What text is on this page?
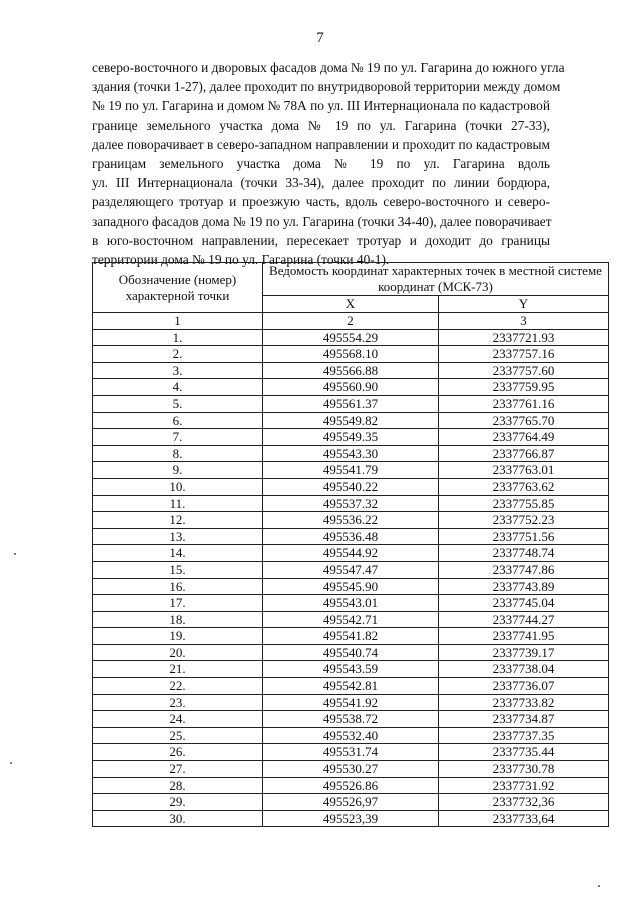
7
северо-восточного и дворовых фасадов дома № 19 по ул. Гагарина до южного угла
здания (точки 1-27), далее проходит по внутридворовой территории между домом
№ 19 по ул. Гагарина и домом № 78А по ул. III Интернационала по кадастровой
границе земельного участка дома № 19 по ул. Гагарина (точки 27-33),
далее поворачивает в северо-западном направлении и проходит по кадастровым
границам земельного участка дома № 19 по ул. Гагарина вдоль
ул. III Интернационала (точки 33-34), далее проходит по линии бордюра,
разделяющего тротуар и проезжую часть, вдоль северо-восточного и северо-
западного фасадов дома № 19 по ул. Гагарина (точки 34-40), далее поворачивает
в юго-восточном направлении, пересекает тротуар и доходит до границы
территории дома № 19 по ул. Гагарина (точки 40-1).
Обозначение (номер) характерной точки	Ведомость координат характерных точек в местной системе координат (МСК-73)	
	X	Y
1	2	3
1.	495554.29	2337721.93
2.	495568.10	2337757.16
3.	495566.88	2337757.60
4.	495560.90	2337759.95
5.	495561.37	2337761.16
6.	495549.82	2337765.70
7.	495549.35	2337764.49
8.	495543.30	2337766.87
9.	495541.79	2337763.01
10.	495540.22	2337763.62
11.	495537.32	2337755.85
12.	495536.22	2337752.23
13.	495536.48	2337751.56
14.	495544.92	2337748.74
15.	495547.47	2337747.86
16.	495545.90	2337743.89
17.	495543.01	2337745.04
18.	495542.71	2337744.27
19.	495541.82	2337741.95
20.	495540.74	2337739.17
21.	495543.59	2337738.04
22.	495542.81	2337736.07
23.	495541.92	2337733.82
24.	495538.72	2337734.87
25.	495532.40	2337737.35
26.	495531.74	2337735.44
27.	495530.27	2337730.78
28.	495526.86	2337731.92
29.	495526,97	2337732,36
30.	495523,39	2337733,64
